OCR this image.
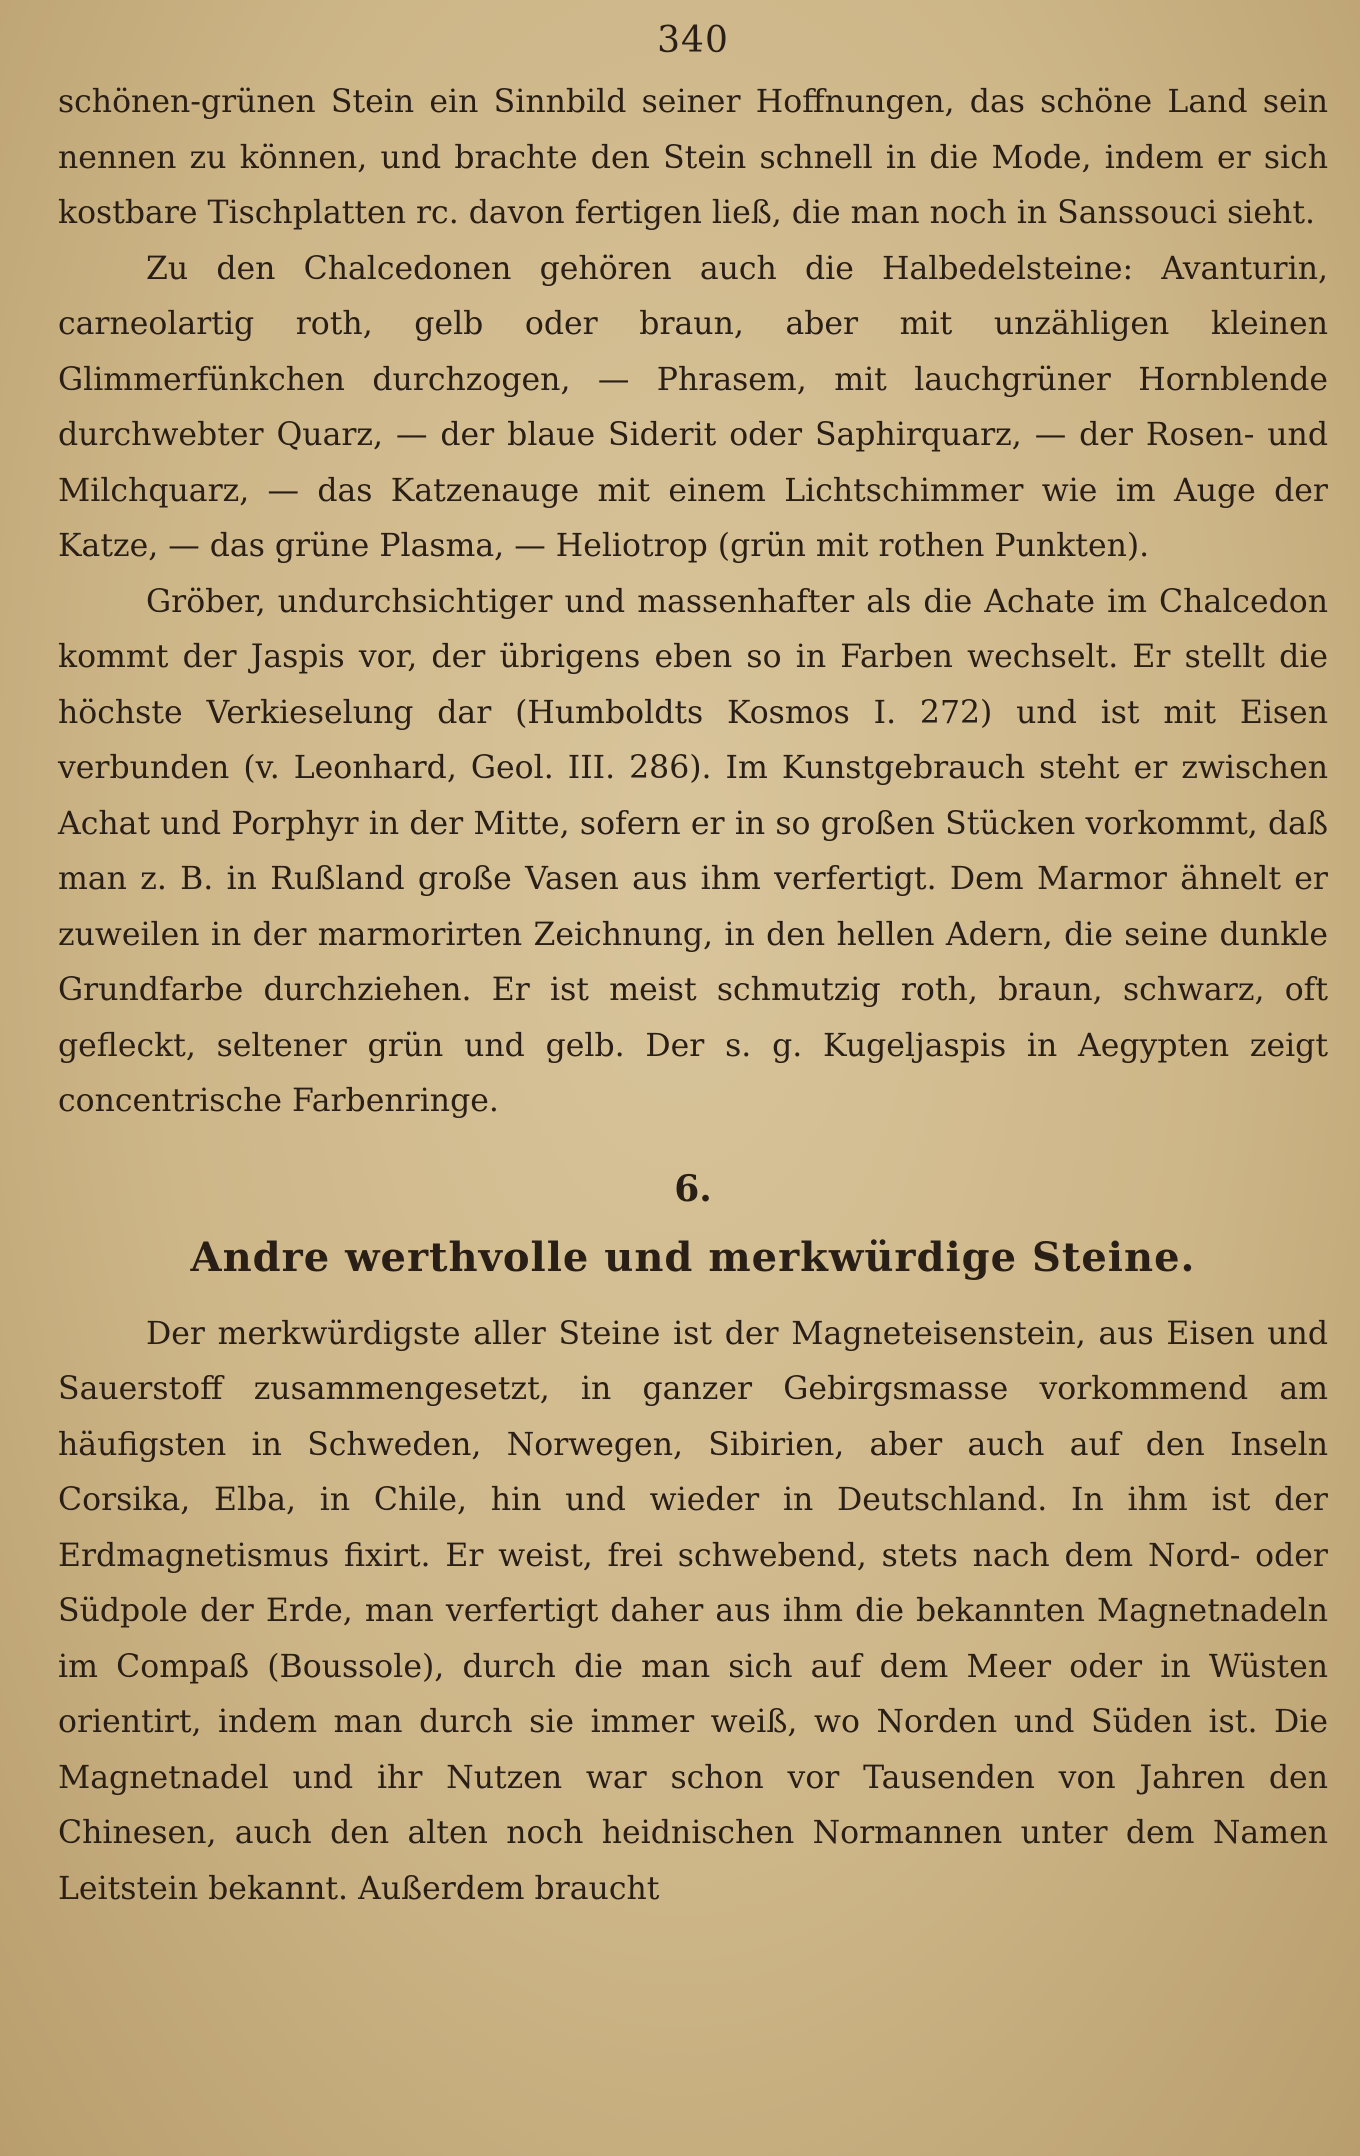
340

schönen-grünen Stein ein Sinnbild seiner Hoffnungen, das schöne Land sein nennen zu können, und brachte den Stein schnell in die Mode, indem er sich kostbare Tischplatten rc. davon fertigen ließ, die man noch in Sanssouci sieht.

Zu den Chalcedonen gehören auch die Halbedelsteine: Avanturin, carneolartig roth, gelb oder braun, aber mit unzähligen kleinen Glimmerfünkchen durchzogen, — Phrasem, mit lauchgrüner Hornblende durchwebter Quarz, — der blaue Siderit oder Saphirquarz, — der Rosen- und Milchquarz, — das Katzenauge mit einem Lichtschimmer wie im Auge der Katze, — das grüne Plasma, — Heliotrop (grün mit rothen Punkten).

Gröber, undurchsichtiger und massenhafter als die Achate im Chalcedon kommt der Jaspis vor, der übrigens eben so in Farben wechselt. Er stellt die höchste Verkieselung dar (Humboldts Kosmos I. 272) und ist mit Eisen verbunden (v. Leonhard, Geol. III. 286). Im Kunstgebrauch steht er zwischen Achat und Porphyr in der Mitte, sofern er in so großen Stücken vorkommt, daß man z. B. in Rußland große Vasen aus ihm verfertigt. Dem Marmor ähnelt er zuweilen in der marmorirten Zeichnung, in den hellen Adern, die seine dunkle Grundfarbe durchziehen. Er ist meist schmutzig roth, braun, schwarz, oft gefleckt, seltener grün und gelb. Der s. g. Kugeljaspis in Aegypten zeigt concentrische Farbenringe.

6.
Andre werthvolle und merkwürdige Steine.

Der merkwürdigste aller Steine ist der Magneteisenstein, aus Eisen und Sauerstoff zusammengesetzt, in ganzer Gebirgsmasse vorkommend am häufigsten in Schweden, Norwegen, Sibirien, aber auch auf den Inseln Corsika, Elba, in Chile, hin und wieder in Deutschland. In ihm ist der Erdmagnetismus fixirt. Er weist, frei schwebend, stets nach dem Nord- oder Südpole der Erde, man verfertigt daher aus ihm die bekannten Magnetnadeln im Compaß (Boussole), durch die man sich auf dem Meer oder in Wüsten orientirt, indem man durch sie immer weiß, wo Norden und Süden ist. Die Magnetnadel und ihr Nutzen war schon vor Tausenden von Jahren den Chinesen, auch den alten noch heidnischen Normannen unter dem Namen Leitstein bekannt. Außerdem braucht
